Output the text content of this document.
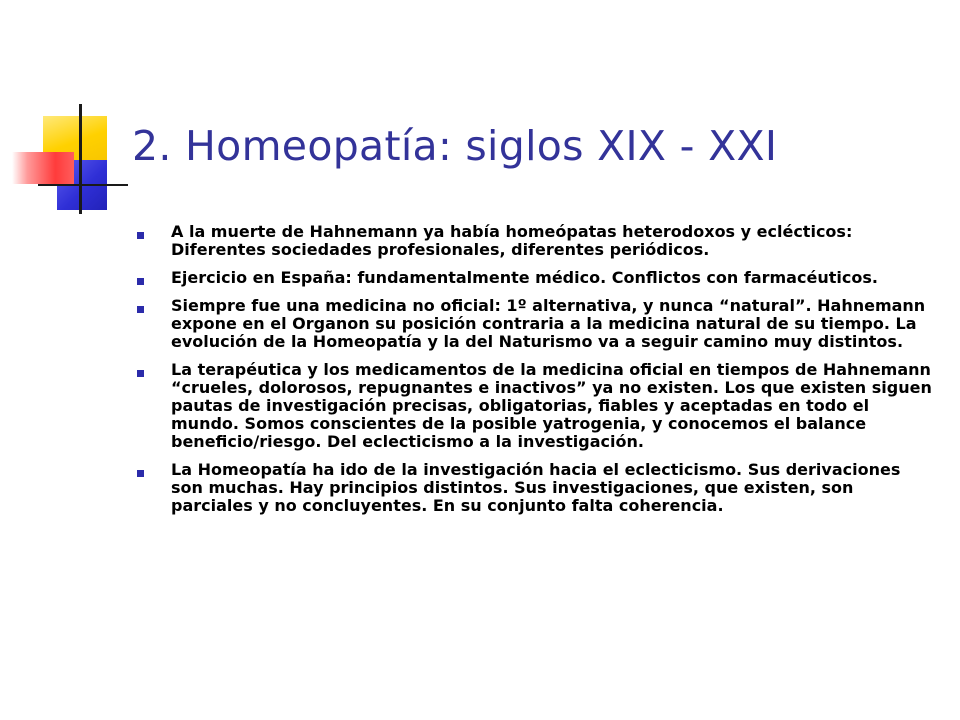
2. Homeopatía: siglos XIX - XXI
A la muerte de Hahnemann ya había homeópatas heterodoxos y eclécticos: Diferentes sociedades profesionales, diferentes periódicos.
Ejercicio en España: fundamentalmente médico. Conflictos con farmacéuticos.
Siempre fue una medicina no oficial: 1º alternativa, y nunca “natural”. Hahnemann expone en el Organon su posición contraria a la medicina natural de su tiempo. La evolución de la Homeopatía y la del Naturismo va a seguir camino muy distintos.
La terapéutica y los medicamentos de la medicina oficial en tiempos de Hahnemann “crueles, dolorosos, repugnantes e inactivos” ya no existen. Los que existen siguen pautas de investigación precisas, obligatorias, fiables y aceptadas en todo el mundo. Somos conscientes de la posible yatrogenia, y conocemos el balance beneficio/riesgo. Del eclecticismo a la investigación.
La Homeopatía ha ido de la investigación hacia el eclecticismo. Sus derivaciones son muchas. Hay principios distintos. Sus investigaciones, que existen, son parciales y no concluyentes. En su conjunto falta coherencia.
